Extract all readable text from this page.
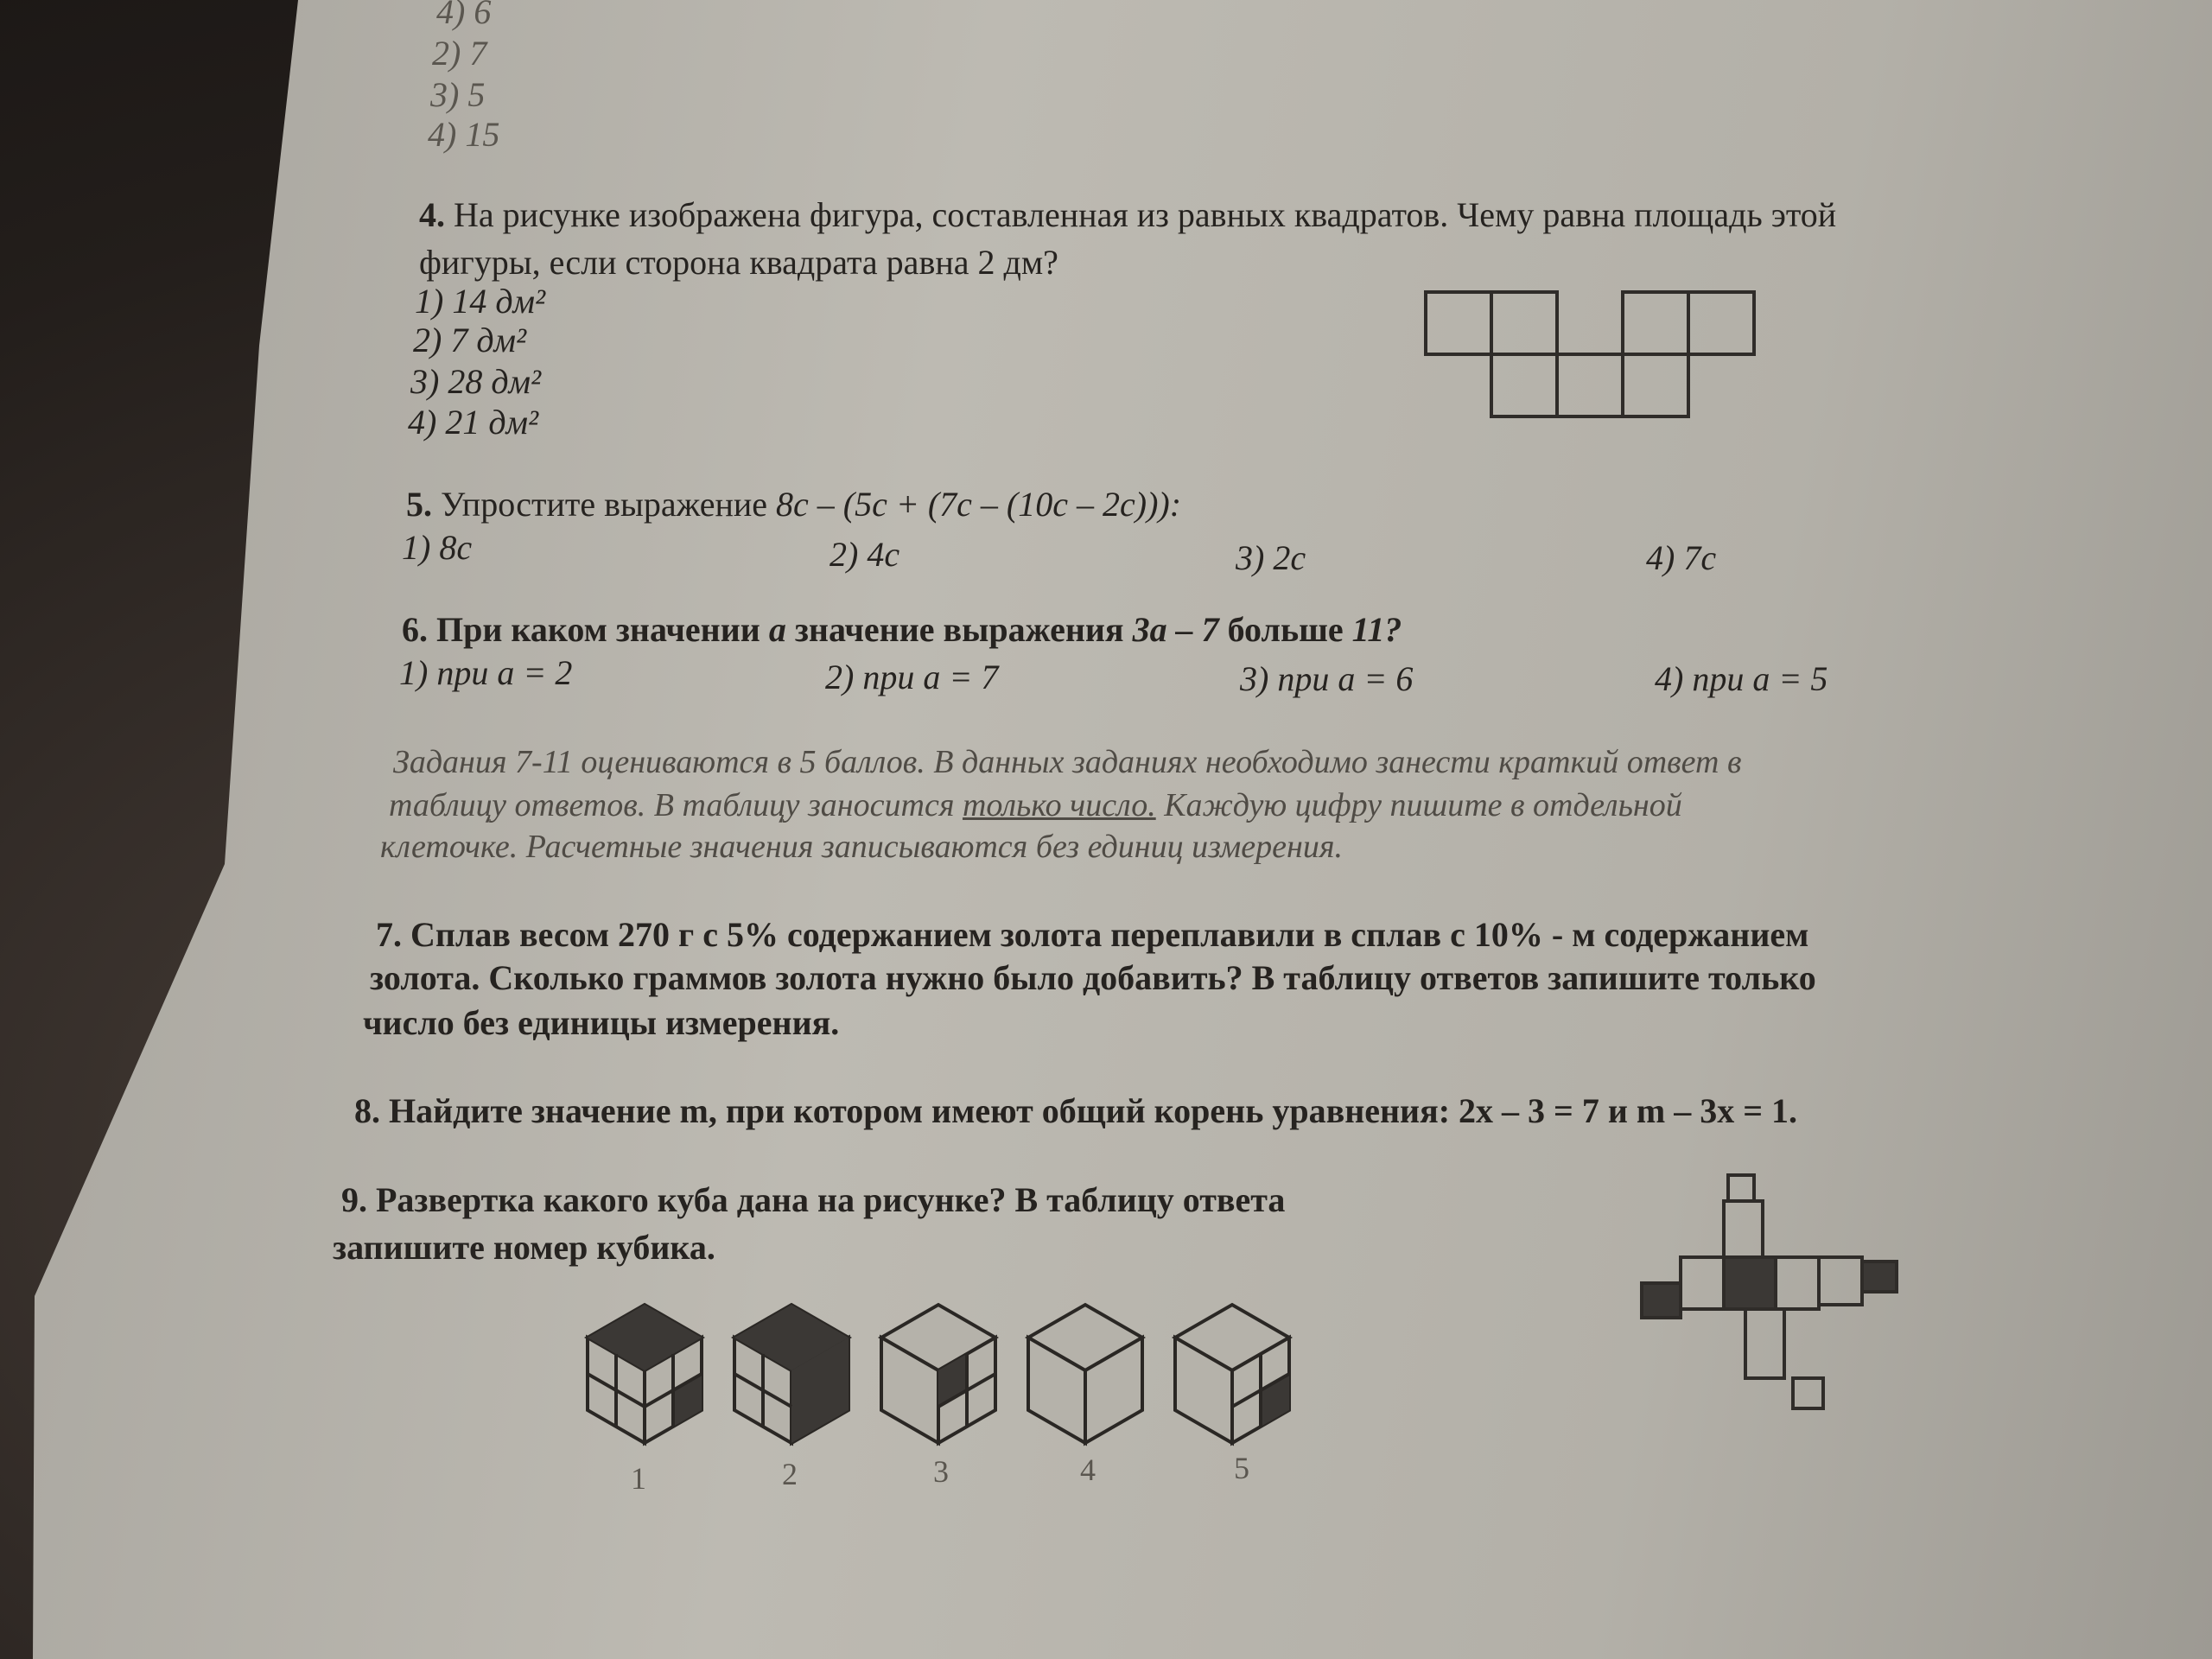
4) 6
2) 7
3) 5
4) 15
4. На рисунке изображена фигура, составленная из равных квадратов. Чему равна площадь этой
фигуры, если сторона квадрата равна 2 дм?
1) 14 дм²
2) 7 дм²
3) 28 дм²
4) 21 дм²
5. Упростите выражение 8c – (5c + (7c – (10c – 2c))):
1) 8c	2) 4c	3) 2c	4) 7c
6. При каком значении a значение выражения 3a – 7 больше 11?
1) при a = 2	2) при a = 7	3) при a = 6	4) при a = 5
Задания 7-11 оцениваются в 5 баллов. В данных заданиях необходимо занести краткий ответ в
таблицу ответов. В таблицу заносится только число. Каждую цифру пишите в отдельной
клеточке. Расчетные значения записываются без единиц измерения.
7. Сплав весом 270 г с 5% содержанием золота переплавили в сплав с 10% - м содержанием
золота. Сколько граммов золота нужно было добавить? В таблицу ответов запишите только
число без единицы измерения.
8. Найдите значение m, при котором имеют общий корень уравнения: 2x – 3 = 7 и m – 3x = 1.
9. Развертка какого куба дана на рисунке? В таблицу ответа
запишите номер кубика.
1	2	3	4	5
